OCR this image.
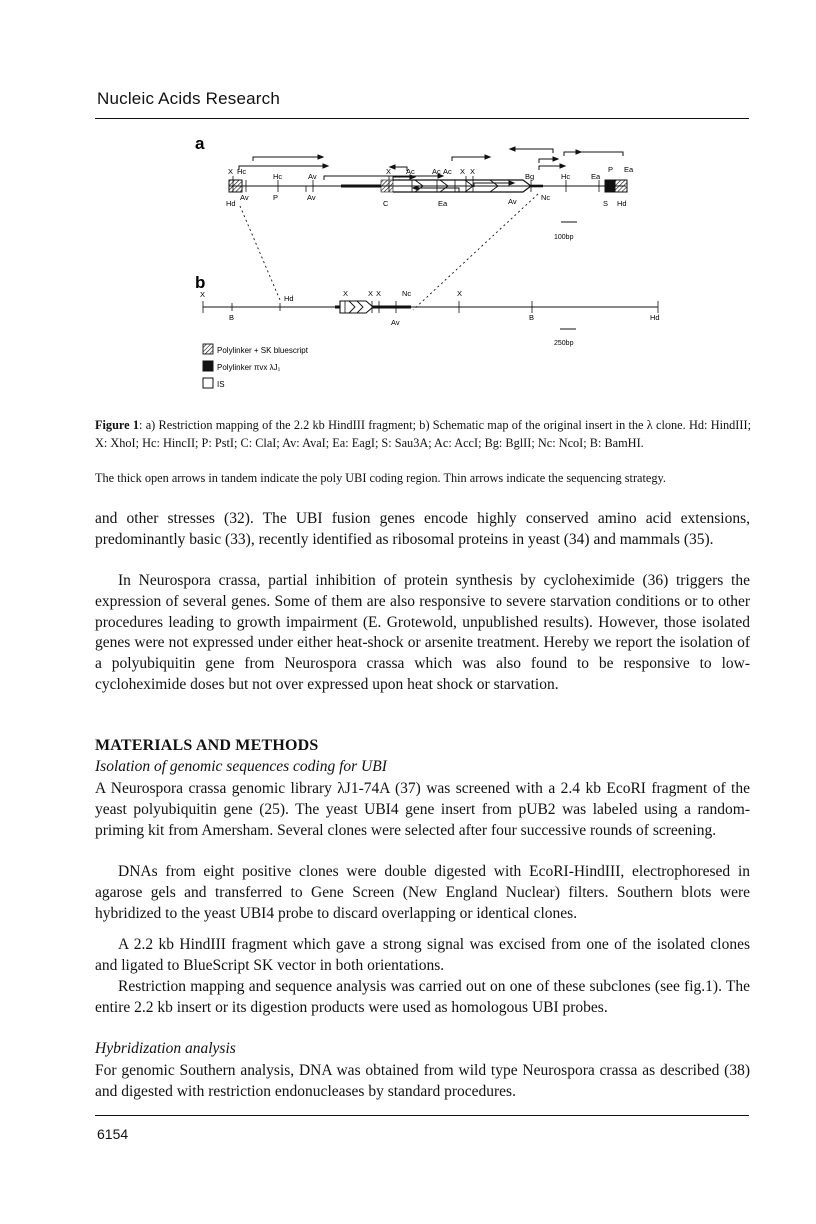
Nucleic Acids Research
a
X Hc
Hc	Av
X Ac Ac Ac X X
Bg	Hc	Ea
P Ea
Hd
Av	P	Av
C	Ea	Av	Nc
S Hd
100bp
b
X	Hd
X	X X	Nc	X
B
Av
B	Hd
250bp
Polylinker + SK bluescript
Polylinker πvx λJ₁
IS
Figure 1: a) Restriction mapping of the 2.2 kb HindIII fragment; b) Schematic map of the original insert in the λ clone. Hd: HindIII; X: XhoI; Hc: HincII; P: PstI; C: ClaI; Av: AvaI; Ea: EagI; S: Sau3A; Ac: AccI; Bg: BglII; Nc: NcoI; B: BamHI.
The thick open arrows in tandem indicate the poly UBI coding region. Thin arrows indicate the sequencing strategy.

and other stresses (32). The UBI fusion genes encode highly conserved amino acid extensions, predominantly basic (33), recently identified as ribosomal proteins in yeast (34) and mammals (35).

In Neurospora crassa, partial inhibition of protein synthesis by cycloheximide (36) triggers the expression of several genes. Some of them are also responsive to severe starvation conditions or to other procedures leading to growth impairment (E. Grotewold, unpublished results). However, those isolated genes were not expressed under either heat-shock or arsenite treatment. Hereby we report the isolation of a polyubiquitin gene from Neurospora crassa which was also found to be responsive to low-cycloheximide doses but not over expressed upon heat shock or starvation.

MATERIALS AND METHODS
Isolation of genomic sequences coding for UBI

A Neurospora crassa genomic library λJ1-74A (37) was screened with a 2.4 kb EcoRI fragment of the yeast polyubiquitin gene (25). The yeast UBI4 gene insert from pUB2 was labeled using a random-priming kit from Amersham. Several clones were selected after four successive rounds of screening.

DNAs from eight positive clones were double digested with EcoRI-HindIII, electrophoresed in agarose gels and transferred to Gene Screen (New England Nuclear) filters. Southern blots were hybridized to the yeast UBI4 probe to discard overlapping or identical clones.

A 2.2 kb HindIII fragment which gave a strong signal was excised from one of the isolated clones and ligated to BlueScript SK vector in both orientations.

Restriction mapping and sequence analysis was carried out on one of these subclones (see fig.1). The entire 2.2 kb insert or its digestion products were used as homologous UBI probes.

Hybridization analysis

For genomic Southern analysis, DNA was obtained from wild type Neurospora crassa as described (38) and digested with restriction endonucleases by standard procedures.

6154
